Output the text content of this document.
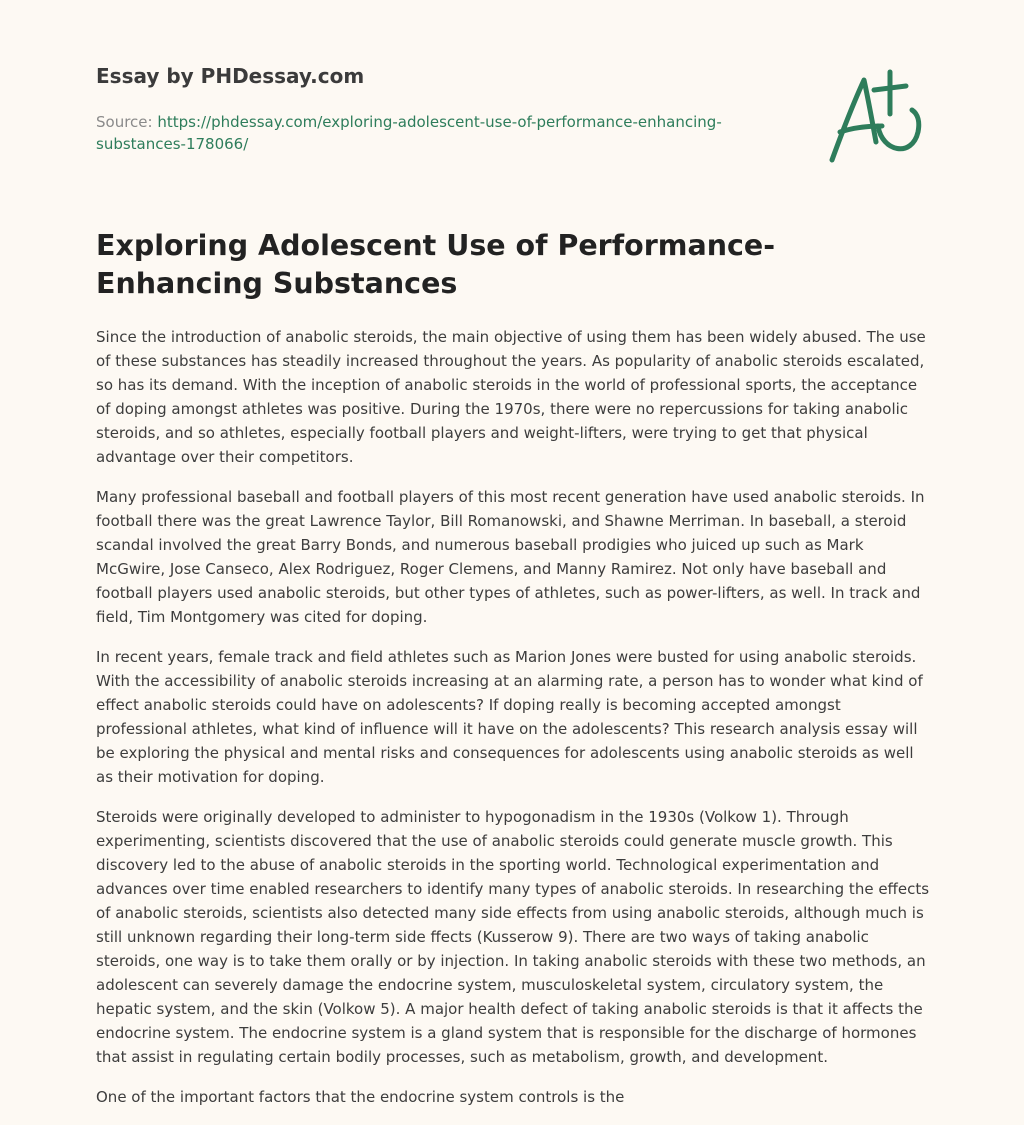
Essay by PHDessay.com
Source: https://phdessay.com/exploring-adolescent-use-of-performance-enhancing-substances-178066/
Exploring Adolescent Use of Performance-Enhancing Substances

Since the introduction of anabolic steroids, the main objective of using them has been widely abused. The use of these substances has steadily increased throughout the years. As popularity of anabolic steroids escalated, so has its demand. With the inception of anabolic steroids in the world of professional sports, the acceptance of doping amongst athletes was positive. During the 1970s, there were no repercussions for taking anabolic steroids, and so athletes, especially football players and weight-lifters, were trying to get that physical advantage over their competitors.

Many professional baseball and football players of this most recent generation have used anabolic steroids. In football there was the great Lawrence Taylor, Bill Romanowski, and Shawne Merriman. In baseball, a steroid scandal involved the great Barry Bonds, and numerous baseball prodigies who juiced up such as Mark McGwire, Jose Canseco, Alex Rodriguez, Roger Clemens, and Manny Ramirez. Not only have baseball and football players used anabolic steroids, but other types of athletes, such as power-lifters, as well. In track and field, Tim Montgomery was cited for doping.

In recent years, female track and field athletes such as Marion Jones were busted for using anabolic steroids. With the accessibility of anabolic steroids increasing at an alarming rate, a person has to wonder what kind of effect anabolic steroids could have on adolescents? If doping really is becoming accepted amongst professional athletes, what kind of influence will it have on the adolescents? This research analysis essay will be exploring the physical and mental risks and consequences for adolescents using anabolic steroids as well as their motivation for doping.

Steroids were originally developed to administer to hypogonadism in the 1930s (Volkow 1). Through experimenting, scientists discovered that the use of anabolic steroids could generate muscle growth. This discovery led to the abuse of anabolic steroids in the sporting world. Technological experimentation and advances over time enabled researchers to identify many types of anabolic steroids. In researching the effects of anabolic steroids, scientists also detected many side effects from using anabolic steroids, although much is still unknown regarding their long-term side ffects (Kusserow 9). There are two ways of taking anabolic steroids, one way is to take them orally or by injection. In taking anabolic steroids with these two methods, an adolescent can severely damage the endocrine system, musculoskeletal system, circulatory system, the hepatic system, and the skin (Volkow 5). A major health defect of taking anabolic steroids is that it affects the endocrine system. The endocrine system is a gland system that is responsible for the discharge of hormones that assist in regulating certain bodily processes, such as metabolism, growth, and development.

One of the important factors that the endocrine system controls is the
